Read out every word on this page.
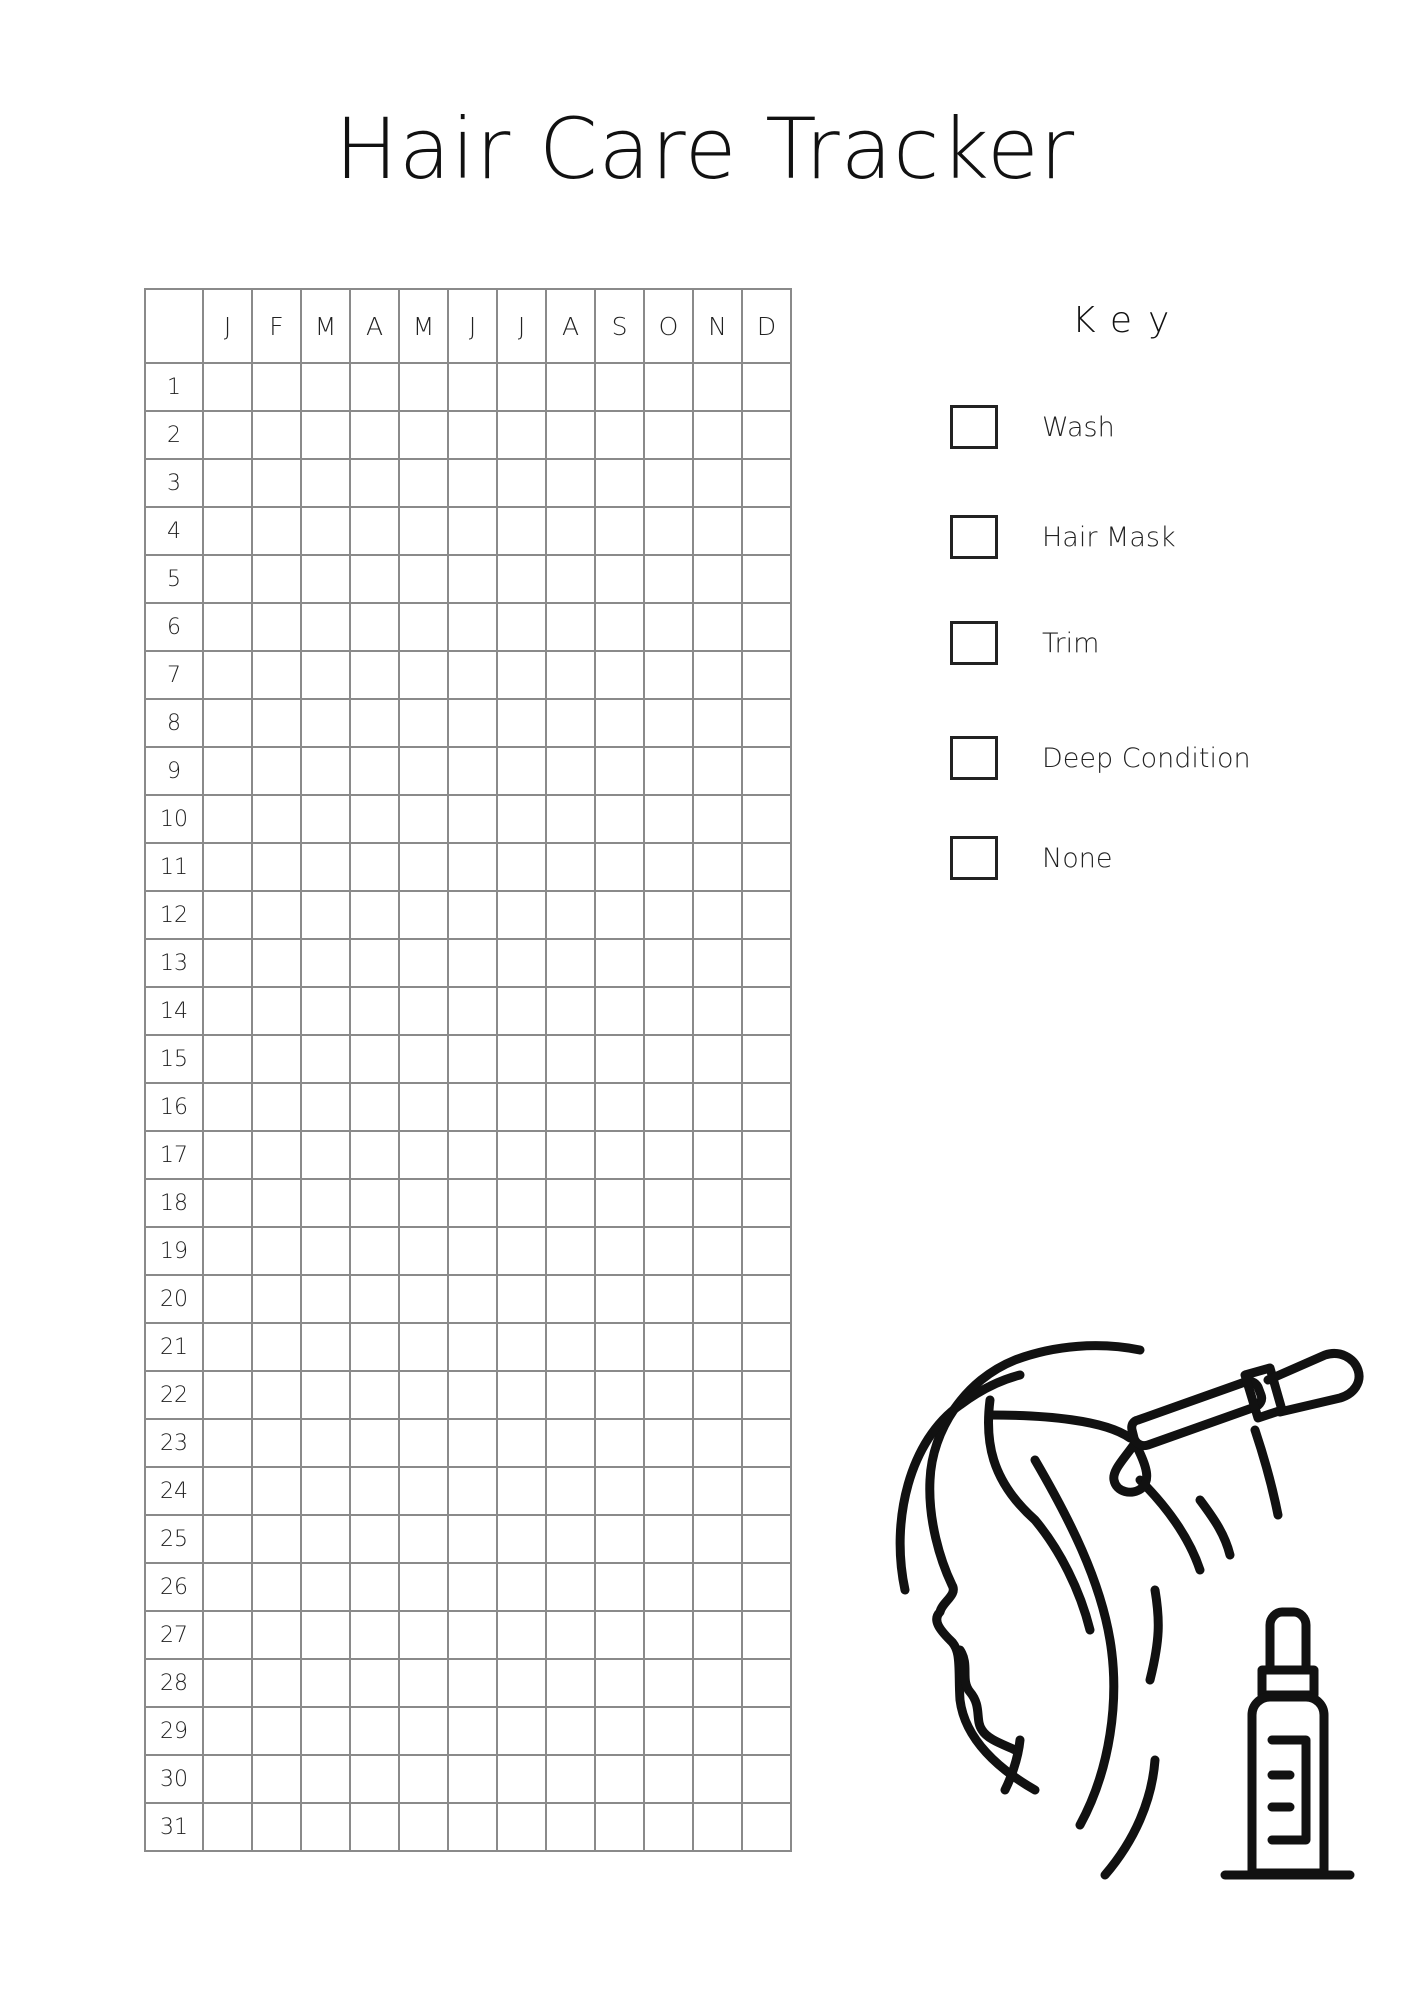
Hair Care Tracker
	J	F	M	A	M	J	J	A	S	O	N	D
1												
2												
3												
4												
5												
6												
7												
8												
9												
10												
11												
12												
13												
14												
15												
16												
17												
18												
19												
20												
21												
22												
23												
24												
25												
26												
27												
28												
29												
30												
31												
Key
Wash
Hair Mask
Trim
Deep Condition
None
